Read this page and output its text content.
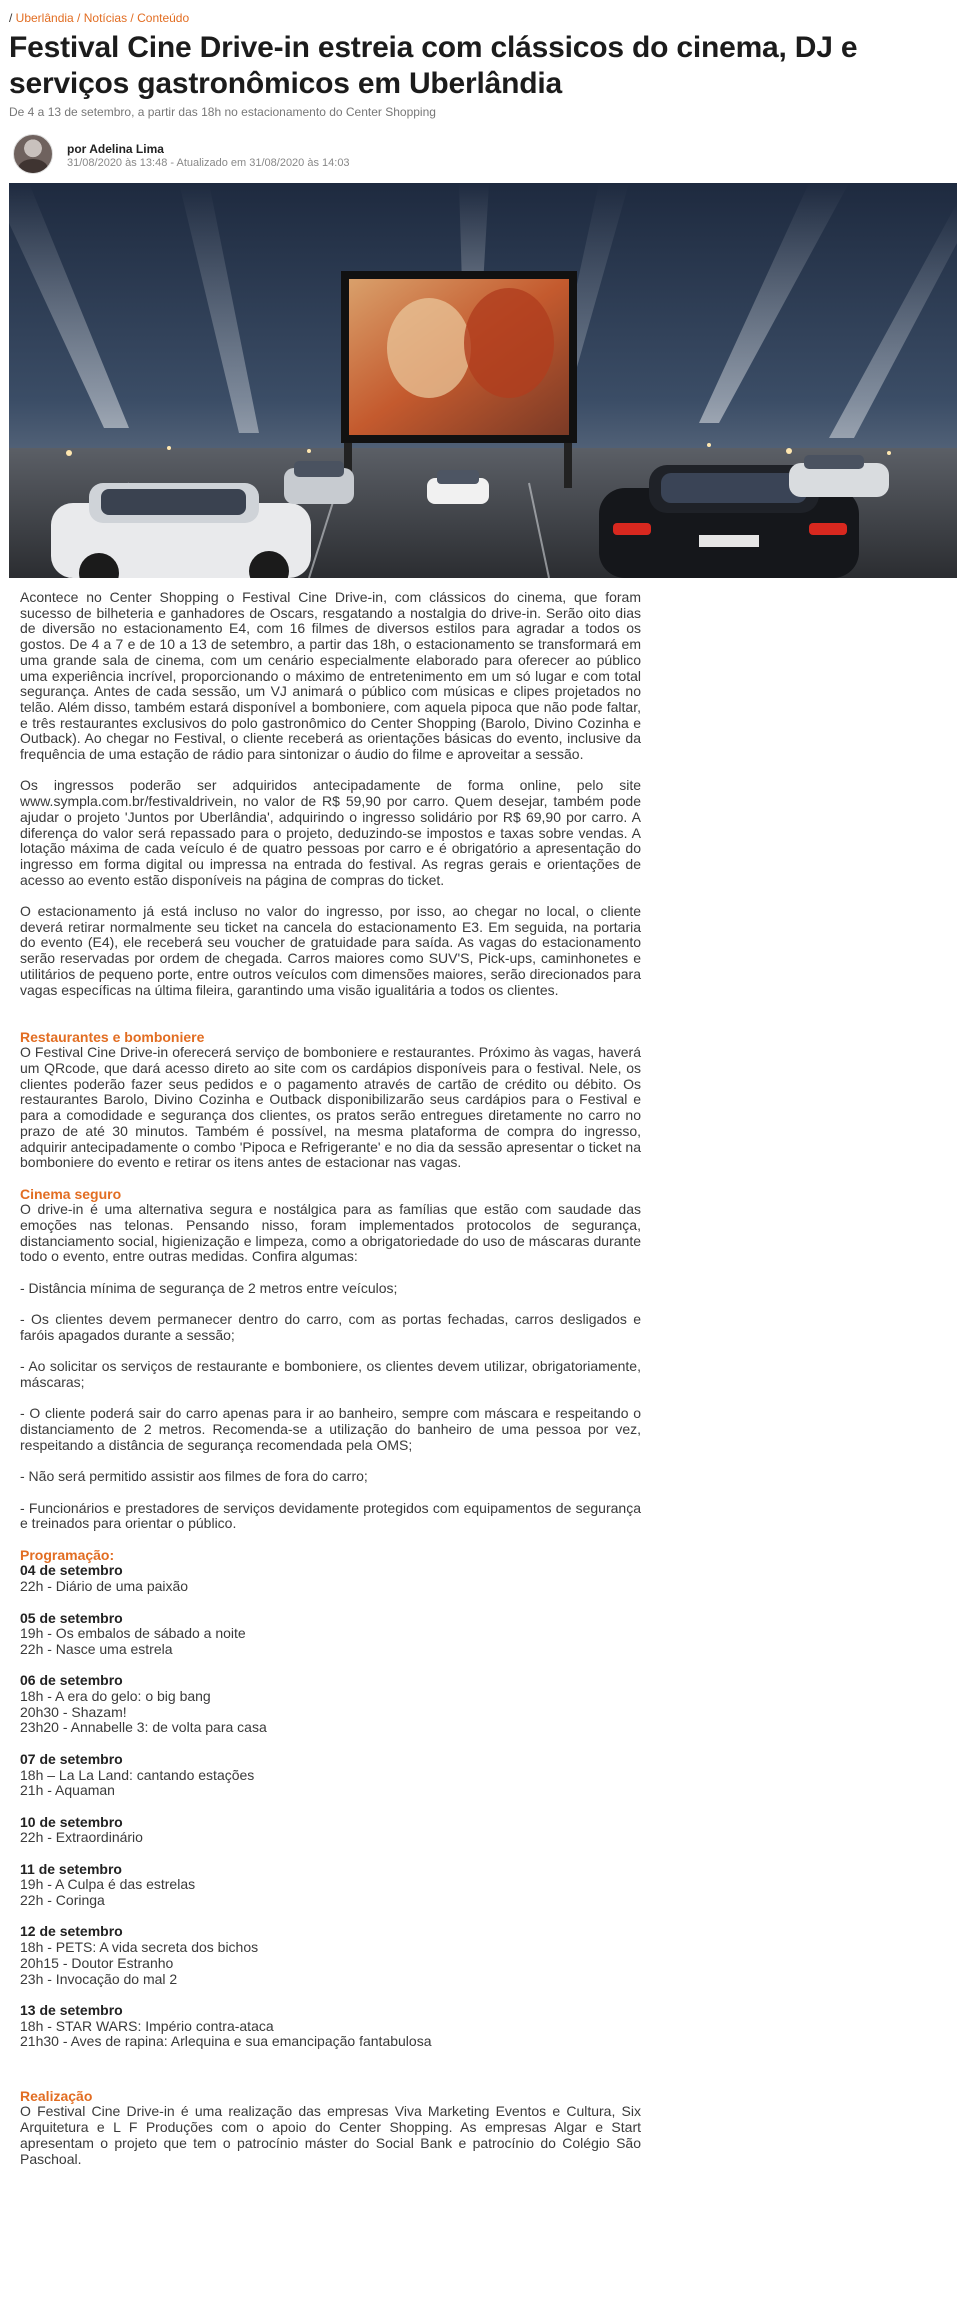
/ Uberlândia / Notícias / Conteúdo
Festival Cine Drive-in estreia com clássicos do cinema, DJ e serviços gastronômicos em Uberlândia
De 4 a 13 de setembro, a partir das 18h no estacionamento do Center Shopping
por Adelina Lima
31/08/2020 às 13:48 - Atualizado em 31/08/2020 às 14:03

Acontece no Center Shopping o Festival Cine Drive-in, com clássicos do cinema, que foram sucesso de bilheteria e ganhadores de Oscars, resgatando a nostalgia do drive-in. Serão oito dias de diversão no estacionamento E4, com 16 filmes de diversos estilos para agradar a todos os gostos. De 4 a 7 e de 10 a 13 de setembro, a partir das 18h, o estacionamento se transformará em uma grande sala de cinema, com um cenário especialmente elaborado para oferecer ao público uma experiência incrível, proporcionando o máximo de entretenimento em um só lugar e com total segurança. Antes de cada sessão, um VJ animará o público com músicas e clipes projetados no telão. Além disso, também estará disponível a bomboniere, com aquela pipoca que não pode faltar, e três restaurantes exclusivos do polo gastronômico do Center Shopping (Barolo, Divino Cozinha e Outback). Ao chegar no Festival, o cliente receberá as orientações básicas do evento, inclusive da frequência de uma estação de rádio para sintonizar o áudio do filme e aproveitar a sessão.

Os ingressos poderão ser adquiridos antecipadamente de forma online, pelo site www.sympla.com.br/festivaldrivein, no valor de R$ 59,90 por carro. Quem desejar, também pode ajudar o projeto 'Juntos por Uberlândia', adquirindo o ingresso solidário por R$ 69,90 por carro. A diferença do valor será repassado para o projeto, deduzindo-se impostos e taxas sobre vendas. A lotação máxima de cada veículo é de quatro pessoas por carro e é obrigatório a apresentação do ingresso em forma digital ou impressa na entrada do festival. As regras gerais e orientações de acesso ao evento estão disponíveis na página de compras do ticket.

O estacionamento já está incluso no valor do ingresso, por isso, ao chegar no local, o cliente deverá retirar normalmente seu ticket na cancela do estacionamento E3. Em seguida, na portaria do evento (E4), ele receberá seu voucher de gratuidade para saída. As vagas do estacionamento serão reservadas por ordem de chegada. Carros maiores como SUV'S, Pick-ups, caminhonetes e utilitários de pequeno porte, entre outros veículos com dimensões maiores, serão direcionados para vagas específicas na última fileira, garantindo uma visão igualitária a todos os clientes.

Restaurantes e bomboniere

O Festival Cine Drive-in oferecerá serviço de bomboniere e restaurantes. Próximo às vagas, haverá um QRcode, que dará acesso direto ao site com os cardápios disponíveis para o festival. Nele, os clientes poderão fazer seus pedidos e o pagamento através de cartão de crédito ou débito. Os restaurantes Barolo, Divino Cozinha e Outback disponibilizarão seus cardápios para o Festival e para a comodidade e segurança dos clientes, os pratos serão entregues diretamente no carro no prazo de até 30 minutos. Também é possível, na mesma plataforma de compra do ingresso, adquirir antecipadamente o combo 'Pipoca e Refrigerante' e no dia da sessão apresentar o ticket na bomboniere do evento e retirar os itens antes de estacionar nas vagas.

Cinema seguro

O drive-in é uma alternativa segura e nostálgica para as famílias que estão com saudade das emoções nas telonas. Pensando nisso, foram implementados protocolos de segurança, distanciamento social, higienização e limpeza, como a obrigatoriedade do uso de máscaras durante todo o evento, entre outras medidas. Confira algumas:

- Distância mínima de segurança de 2 metros entre veículos;

- Os clientes devem permanecer dentro do carro, com as portas fechadas, carros desligados e faróis apagados durante a sessão;

- Ao solicitar os serviços de restaurante e bomboniere, os clientes devem utilizar, obrigatoriamente, máscaras;

- O cliente poderá sair do carro apenas para ir ao banheiro, sempre com máscara e respeitando o distanciamento de 2 metros. Recomenda-se a utilização do banheiro de uma pessoa por vez, respeitando a distância de segurança recomendada pela OMS;

- Não será permitido assistir aos filmes de fora do carro;

- Funcionários e prestadores de serviços devidamente protegidos com equipamentos de segurança e treinados para orientar o público.

Programação:

04 de setembro

22h - Diário de uma paixão

05 de setembro

19h - Os embalos de sábado a noite

22h - Nasce uma estrela

06 de setembro

18h - A era do gelo: o big bang

20h30 - Shazam!

23h20 - Annabelle 3: de volta para casa

07 de setembro

18h – La La Land: cantando estações

21h - Aquaman

10 de setembro

22h - Extraordinário

11 de setembro

19h - A Culpa é das estrelas

22h - Coringa

12 de setembro

18h - PETS: A vida secreta dos bichos

20h15 - Doutor Estranho

23h - Invocação do mal 2

13 de setembro

18h - STAR WARS: Império contra-ataca

21h30 - Aves de rapina: Arlequina e sua emancipação fantabulosa

Realização

O Festival Cine Drive-in é uma realização das empresas Viva Marketing Eventos e Cultura, Six Arquitetura e L F Produções com o apoio do Center Shopping. As empresas Algar e Start apresentam o projeto que tem o patrocínio máster do Social Bank e patrocínio do Colégio São Paschoal.
